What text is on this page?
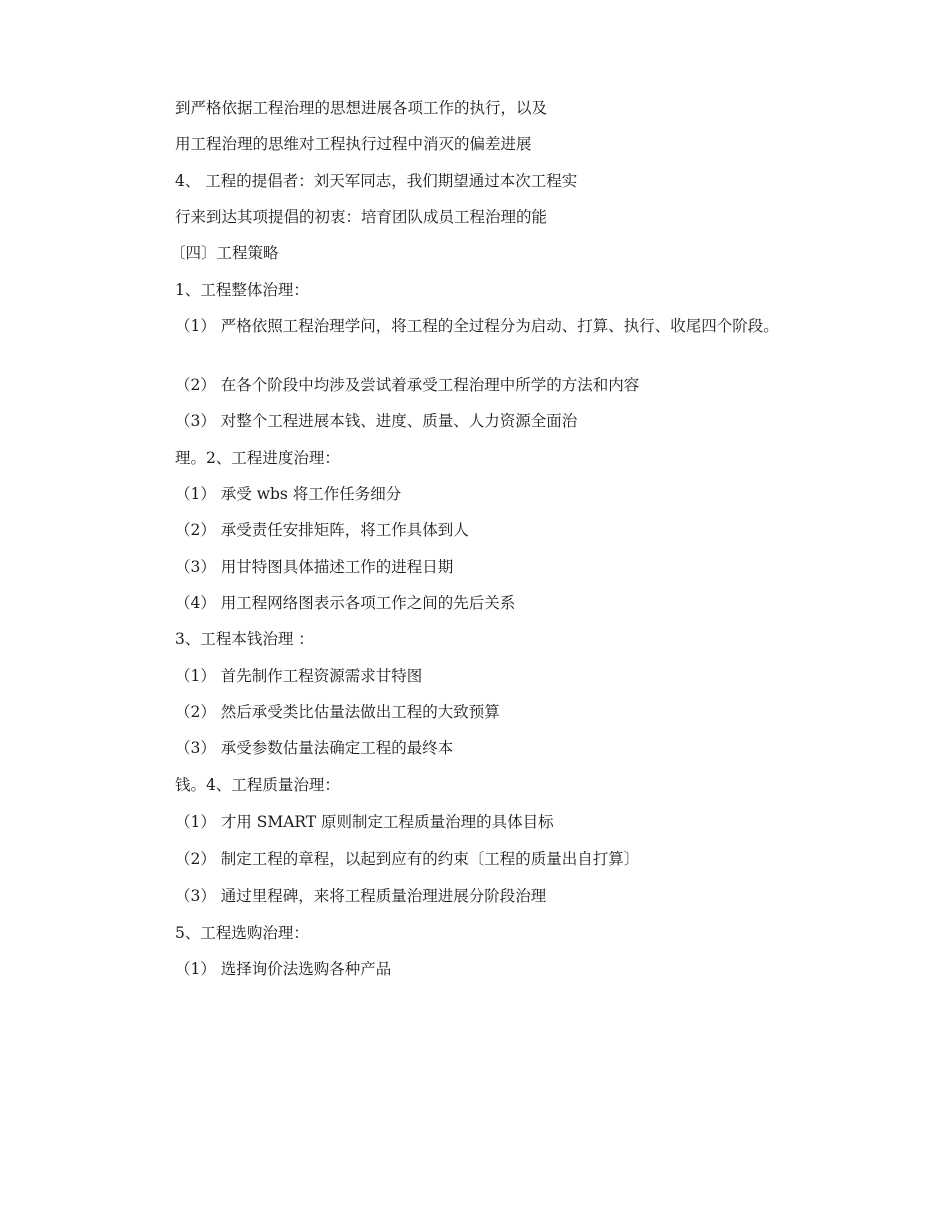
到严格依据工程治理的思想进展各项工作的执行，以及
用工程治理的思维对工程执行过程中消灭的偏差进展
4、 工程的提倡者：刘天军同志，我们期望通过本次工程实
行来到达其项提倡的初衷：培育团队成员工程治理的能
〔四〕工程策略
1、工程整体治理：
（1） 严格依照工程治理学问，将工程的全过程分为启动、打算、执行、收尾四个阶段。
（2） 在各个阶段中均涉及尝试着承受工程治理中所学的方法和内容
（3） 对整个工程进展本钱、进度、质量、人力资源全面治
理。2、工程进度治理：
（1） 承受 wbs 将工作任务细分
（2） 承受责任安排矩阵，将工作具体到人
（3） 用甘特图具体描述工作的进程日期
（4） 用工程网络图表示各项工作之间的先后关系
3、工程本钱治理 ：
（1） 首先制作工程资源需求甘特图
（2） 然后承受类比估量法做出工程的大致预算
（3） 承受参数估量法确定工程的最终本
钱。4、工程质量治理：
（1） 才用 SMART 原则制定工程质量治理的具体目标
（2） 制定工程的章程，以起到应有的约束〔工程的质量出自打算〕
（3） 通过里程碑，来将工程质量治理进展分阶段治理
5、工程选购治理：
（1） 选择询价法选购各种产品
